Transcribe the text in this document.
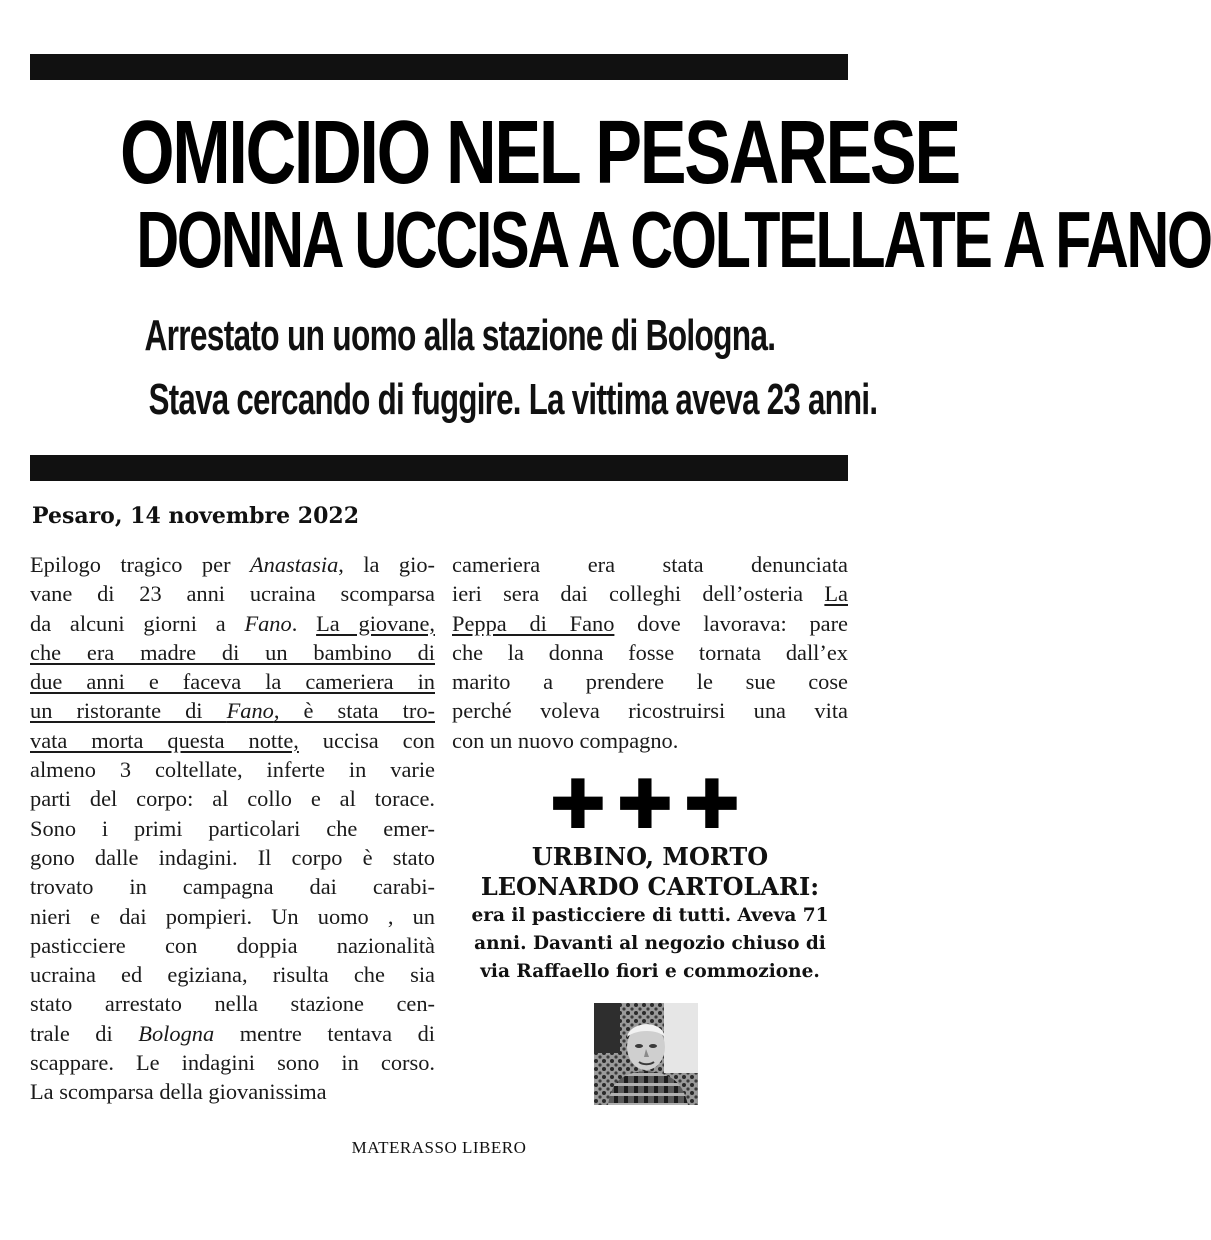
OMICIDIO NEL PESARESE
DONNA UCCISA A COLTELLATE A FANO
Arrestato un uomo alla stazione di Bologna.
Stava cercando di fuggire. La vittima aveva 23 anni.
Pesaro, 14 novembre 2022
Epilogo tragico per Anastasia, la gio-
vane di 23 anni ucraina scomparsa
da alcuni giorni a Fano. La giovane,
che era madre di un bambino di
due anni e faceva la cameriera in
un ristorante di Fano, è stata tro-
vata morta questa notte, uccisa con
almeno 3 coltellate, inferte in varie
parti del corpo: al collo e al torace.
Sono i primi particolari che emer-
gono dalle indagini. Il corpo è stato
trovato in campagna dai carabi-
nieri e dai pompieri. Un uomo , un
pasticciere con doppia nazionalità
ucraina ed egiziana, risulta che sia
stato arrestato nella stazione cen-
trale di Bologna mentre tentava di
scappare. Le indagini sono in corso.
La scomparsa della giovanissima
cameriera era stata denunciata
ieri sera dai colleghi dell’osteria La
Peppa di Fano dove lavorava: pare
che la donna fosse tornata dall’ex
marito a prendere le sue cose
perché voleva ricostruirsi una vita
con un nuovo compagno.
✚✚✚
URBINO, MORTO
LEONARDO CARTOLARI:
era il pasticciere di tutti. Aveva 71
anni. Davanti al negozio chiuso di
via Raffaello fiori e commozione.
MATERASSO LIBERO
